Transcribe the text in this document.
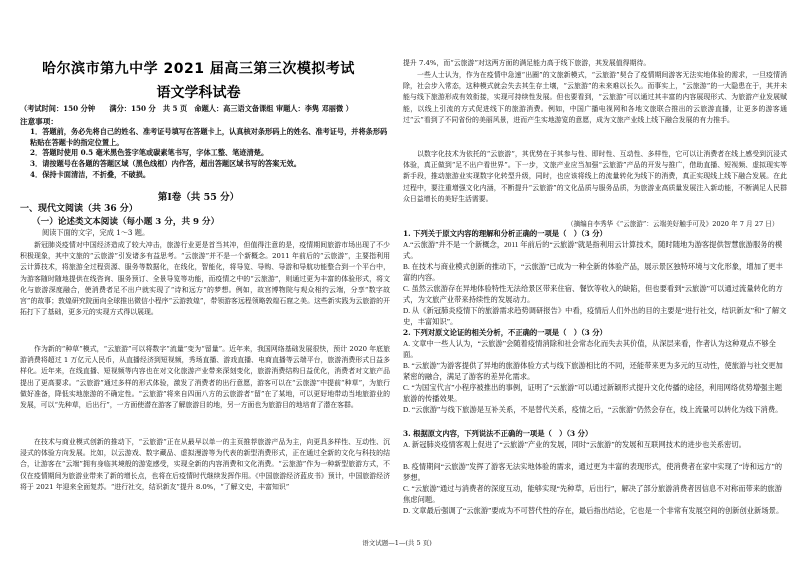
哈尔滨市第九中学 2021 届高三第三次模拟考试
语文学科试卷
（考试时间：150 分钟　　满分：150 分　共 5 页　命题人：高三语文备课组 审题人：李隽 邓丽微 ）
注意事项：
1．答题前，务必先将自己的姓名、准考证号填写在答题卡上，认真核对条形码上的姓名、准考证号，并将条形码粘贴在答题卡的指定位置上。
2．答题时使用 0.5 毫米黑色签字笔或碳素笔书写，字体工整、笔迹清楚。
3．请按题号在各题的答题区域（黑色线框）内作答，超出答题区域书写的答案无效。
4．保持卡面清洁，不折叠，不破损。
第Ⅰ卷（共 55 分）
一、现代文阅读（共 36 分）
（一）论述类文本阅读（每小题 3 分，共 9 分）
阅读下面的文字，完成 1～3 题。

新冠肺炎疫情对中国经济造成了较大冲击，旅游行业更是首当其冲，但值得注意的是，疫情期间旅游市场出现了不少积极现象，其中文旅的“云旅游”引发诸多有益思考。“云旅游”并不是一个新概念。2011 年前后的“云旅游”，主要指利用云计算技术，将旅游全过程资源、服务等数据化，在线化，智能化，将导览、导购、导游和导航功能整合到一个平台中，为游客随时随地提供在线咨询、服务预订、全景导览等功能，而疫情之中的“云旅游”，则通过更为丰富的体验形式，将文化与旅游深度融合，使消费者足不出户就实现了“诗和远方”的梦想。例如，故宫博物院与观众相约云端，分享“数字故宫”的故事；敦煌研究院面向全球推出微信小程序“云游敦煌”，带领游客远程领略敦煌石窟之美。这些新实践为云旅游的开拓打下了基础，更多元的实现方式得以展现。

作为新的“种草”模式，“云旅游”可以将数字“流量”变为“留量”。近年来，我国网络基础发展很快，预计 2020 年底旅游消费将超过 1 万亿元人民币，从直播经济到短视频，秀场直播、游戏直播、电商直播等云端平台，旅游消费形式日益多样化。近年来，在线直播、短视频等内容也在对文化旅游产业带来深刻变化，旅游消费结构日益优化，消费者对文旅产品提出了更高要求。“云旅游”通过多样的形式体验，激发了消费者的出行意愿，游客可以在“云旅游”中提前“种草”，为旅行做好准备，降低实地旅游的不确定性。“云旅游”将来自四面八方的云旅游者“留”在了某地，可以更好地带动当地旅游业的发展，可以“先种草，后出行”，一方面使潜在游客了解旅游目的地，另一方面也为旅游目的地培育了潜在客群。

在技术与商业模式创新的推动下，“云旅游”正在从最早以单一的主页推荐旅游产品为主，向更具多样性、互动性、沉浸式的体验方向发展。比如，以云游戏、数字藏品、虚拟漫游等为代表的新型消费形式，正在通过全新的文化与科技的结合，让游客在“云端”拥有身临其境般的游览感受，实现全新的内容消费和文化消费。“云旅游”作为一种新型旅游方式，不仅在疫情期间为旅游业带来了新的增长点，也将在后疫情时代继续发挥作用。《中国旅游经济蓝皮书》预计，中国旅游经济将于 2021 年迎来全面复苏。“进行社交，结识新友”提升 8.0%，“了解文史，丰富知识”

提升 7.4%，而“云旅游”对这两方面的满足能力高于线下旅游，其发展值得期待。

一些人士认为，作为在疫情中急速“出圈”的文旅新模式，“云旅游”契合了疫情期间游客无法实地体验的需求，一旦疫情消除，社会步入常态，这种模式就会失去其生存土壤，“云旅游”的未来难以长久。而事实上，“云旅游”的一大隐患在于，其并未能与线下旅游形成有效衔接，实现可持续性发展。但也要看到，“云旅游”可以通过其丰富的内容展现形式、为旅游产业发展赋能，以线上引流的方式促进线下的旅游消费。例如，中国广播电视网和各地文旅联合推出的云旅游直播，让更多的游客通过“云”看到了不同省份的美丽风景，进而产生实地游览的意愿，成为文旅产业线上线下融合发展的有力推手。

以数字化技术为依托的“云旅游”，其优势在于其参与性、即时性、互动性、多样性，它可以让消费者在线上感受到沉浸式体验，真正做到“足不出户看世界”。下一步，文旅产业应当加强“云旅游”产品的开发与推广，借助直播、短视频、虚拟现实等新手段，推动旅游业实现数字化转型升级，同时，也应该将线上的流量转化为线下的消费，真正实现线上线下融合发展。在此过程中，要注重增强文化内涵，不断提升“云旅游”的文化品质与服务品质，为旅游业高质量发展注入新动能，不断满足人民群众日益增长的美好生活需要。

（摘编自李秀华《“云旅游”：云端美好触手可及》2020 年 7 月 27 日）
1. 下列关于原文内容的理解和分析正确的一项是（　）（3 分）
A.“云旅游”并不是一个新概念，2011 年前后的“云旅游”就是指利用云计算技术，随时随地为游客提供智慧旅游服务的模式。
B. 在技术与商业模式创新的推动下，“云旅游”已成为一种全新的体验产品，展示景区独特环境与文化形象，增加了更丰富的内容。
C. 虽然云旅游存在异地体验特性无法给景区带来住宿、餐饮等收入的缺陷，但也要看到“云旅游”可以通过流量转化的方式，为文旅产业带来持续性的发展动力。
D. 从《新冠肺炎疫情下的旅游需求趋势调研报告》中看，疫情后人们外出的目的主要是“进行社交，结识新友”和“了解文史，丰富知识”。
2. 下列对原文论证的相关分析，不正确的一项是（　）（3 分）
A. 文章中一些人认为，“云旅游”会随着疫情消除和社会常态化而失去其价值，从深层来看，作者认为这种观点不够全面。
B. “云旅游”为游客提供了异地的旅游体验方式与线下旅游相比的不同，还能带来更为多元的互动性，使旅游与社交更加紧密的融合，满足了游客的差异化需求。
C. “为国宝代言”小程序被推出的事例，证明了“云旅游”可以通过新颖形式提升文化传播的途径，利用网络优势增强主题旅游的传播效果。
D. “云旅游”与线下旅游是互补关系，不是替代关系，疫情之后，“云旅游”仍然会存在，线上流量可以转化为线下消费。
3. 根据原文内容，下列说法不正确的一项是（　）（3 分）
A. 新冠肺炎疫情客观上促进了“云旅游”产业的发展，同时“云旅游”的发展和互联网技术的进步也关系密切。
B. 疫情期间“云旅游”发挥了游客无法实地体验的需求，通过更为丰富的表现形式，使消费者在家中实现了“诗和远方”的梦想。
C. “云旅游”通过与消费者的深度互动，能够实现“先种草，后出行”，解决了部分旅游消费者因信息不对称而带来的旅游焦虑问题。
D. 文章最后强调了“云旅游”要成为不可替代性的存在，最后指出结论，它也是一个非常有发展空间的创新创业新场景。
语文试题—1—(共 5 页)
